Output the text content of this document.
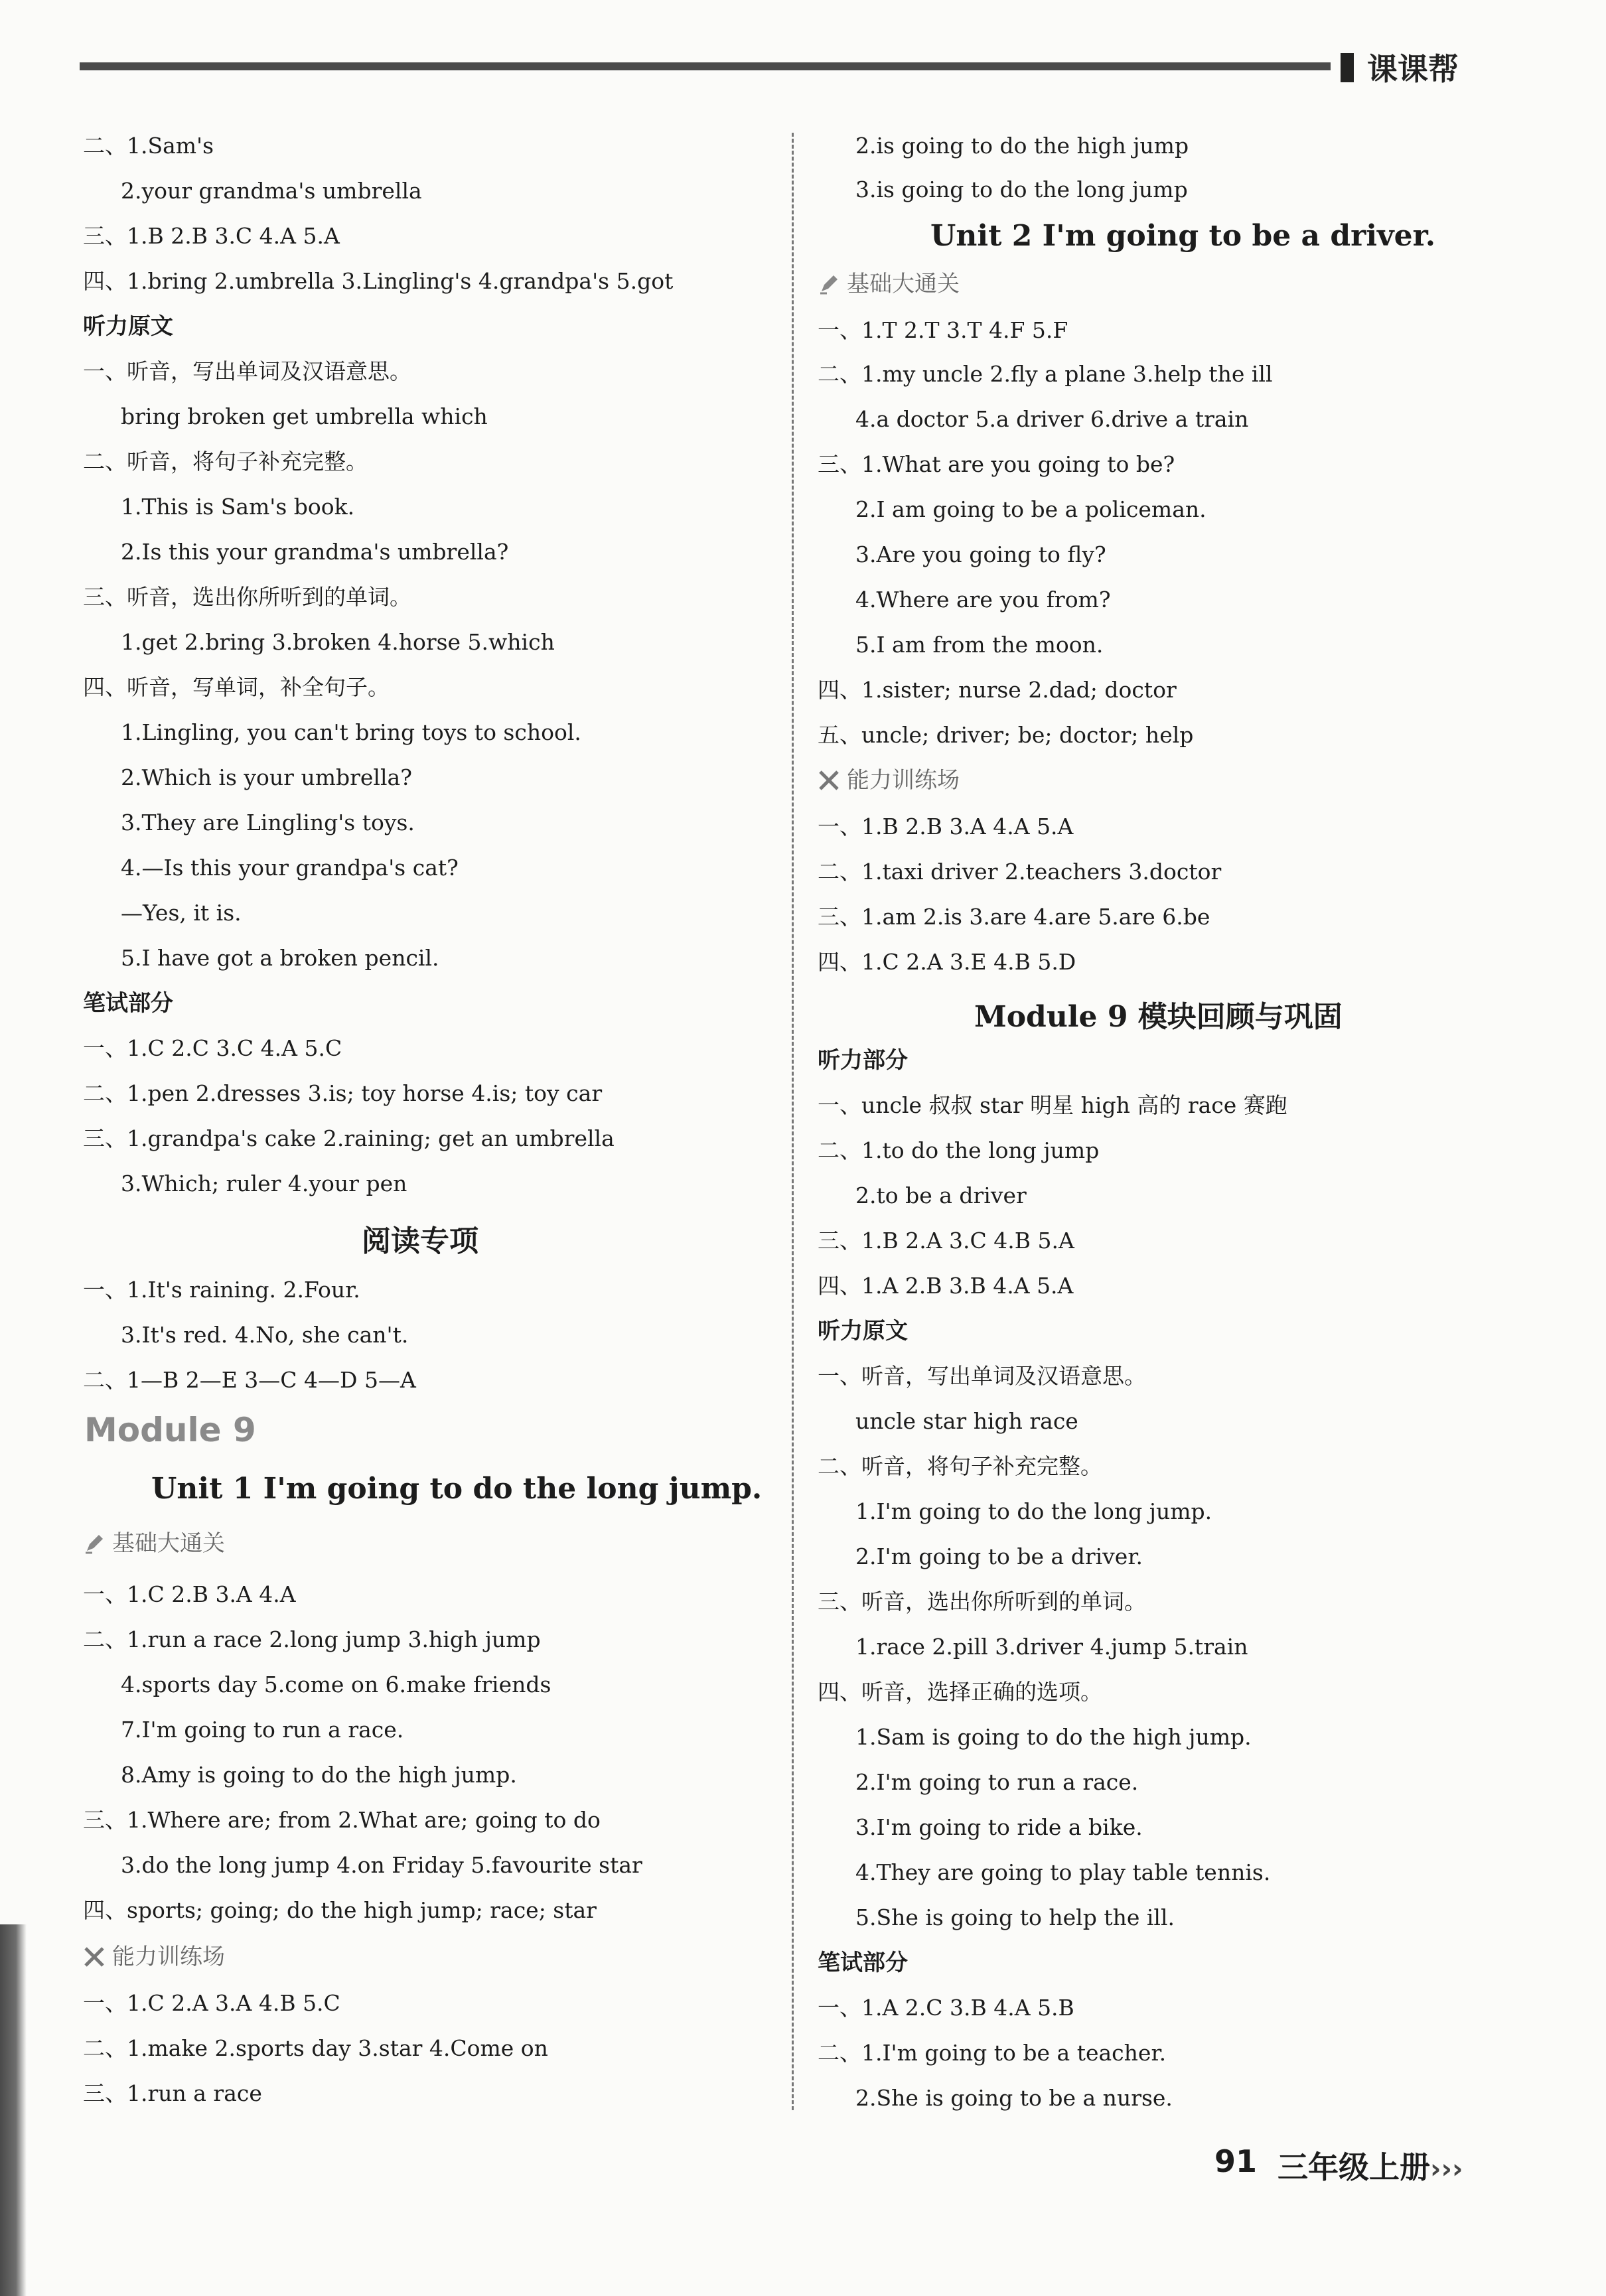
课课帮
阅读专项
Module 9
Unit 1 I'm going to do the long jump.
基础大通关
能力训练场
二、1.Sam's
2.your grandma's umbrella
三、1.B 2.B 3.C 4.A 5.A
四、1.bring 2.umbrella 3.Lingling's 4.grandpa's 5.got
听力原文
一、听音，写出单词及汉语意思。
bring broken get umbrella which
二、听音，将句子补充完整。
1.This is Sam's book.
2.Is this your grandma's umbrella?
三、听音，选出你所听到的单词。
1.get 2.bring 3.broken 4.horse 5.which
四、听音，写单词，补全句子。
1.Lingling, you can't bring toys to school.
2.Which is your umbrella?
3.They are Lingling's toys.
4.—Is this your grandpa's cat?
—Yes, it is.
5.I have got a broken pencil.
笔试部分
一、1.C 2.C 3.C 4.A 5.C
二、1.pen 2.dresses 3.is; toy horse 4.is; toy car
三、1.grandpa's cake 2.raining; get an umbrella
3.Which; ruler 4.your pen
一、1.It's raining. 2.Four.
3.It's red. 4.No, she can't.
二、1—B 2—E 3—C 4—D 5—A
一、1.C 2.B 3.A 4.A
二、1.run a race 2.long jump 3.high jump
4.sports day 5.come on 6.make friends
7.I'm going to run a race.
8.Amy is going to do the high jump.
三、1.Where are; from 2.What are; going to do
3.do the long jump 4.on Friday 5.favourite star
四、sports; going; do the high jump; race; star
一、1.C 2.A 3.A 4.B 5.C
二、1.make 2.sports day 3.star 4.Come on
三、1.run a race
Unit 2 I'm going to be a driver.
基础大通关
能力训练场
Module 9 模块回顾与巩固
2.is going to do the high jump
3.is going to do the long jump
一、1.T 2.T 3.T 4.F 5.F
二、1.my uncle 2.fly a plane 3.help the ill
4.a doctor 5.a driver 6.drive a train
三、1.What are you going to be?
2.I am going to be a policeman.
3.Are you going to fly?
4.Where are you from?
5.I am from the moon.
四、1.sister; nurse 2.dad; doctor
五、uncle; driver; be; doctor; help
一、1.B 2.B 3.A 4.A 5.A
二、1.taxi driver 2.teachers 3.doctor
三、1.am 2.is 3.are 4.are 5.are 6.be
四、1.C 2.A 3.E 4.B 5.D
听力部分
一、uncle 叔叔 star 明星 high 高的 race 赛跑
二、1.to do the long jump
2.to be a driver
三、1.B 2.A 3.C 4.B 5.A
四、1.A 2.B 3.B 4.A 5.A
听力原文
一、听音，写出单词及汉语意思。
uncle star high race
二、听音，将句子补充完整。
1.I'm going to do the long jump.
2.I'm going to be a driver.
三、听音，选出你所听到的单词。
1.race 2.pill 3.driver 4.jump 5.train
四、听音，选择正确的选项。
1.Sam is going to do the high jump.
2.I'm going to run a race.
3.I'm going to ride a bike.
4.They are going to play table tennis.
5.She is going to help the ill.
笔试部分
一、1.A 2.C 3.B 4.A 5.B
二、1.I'm going to be a teacher.
2.She is going to be a nurse.
91 三年级上册›››
